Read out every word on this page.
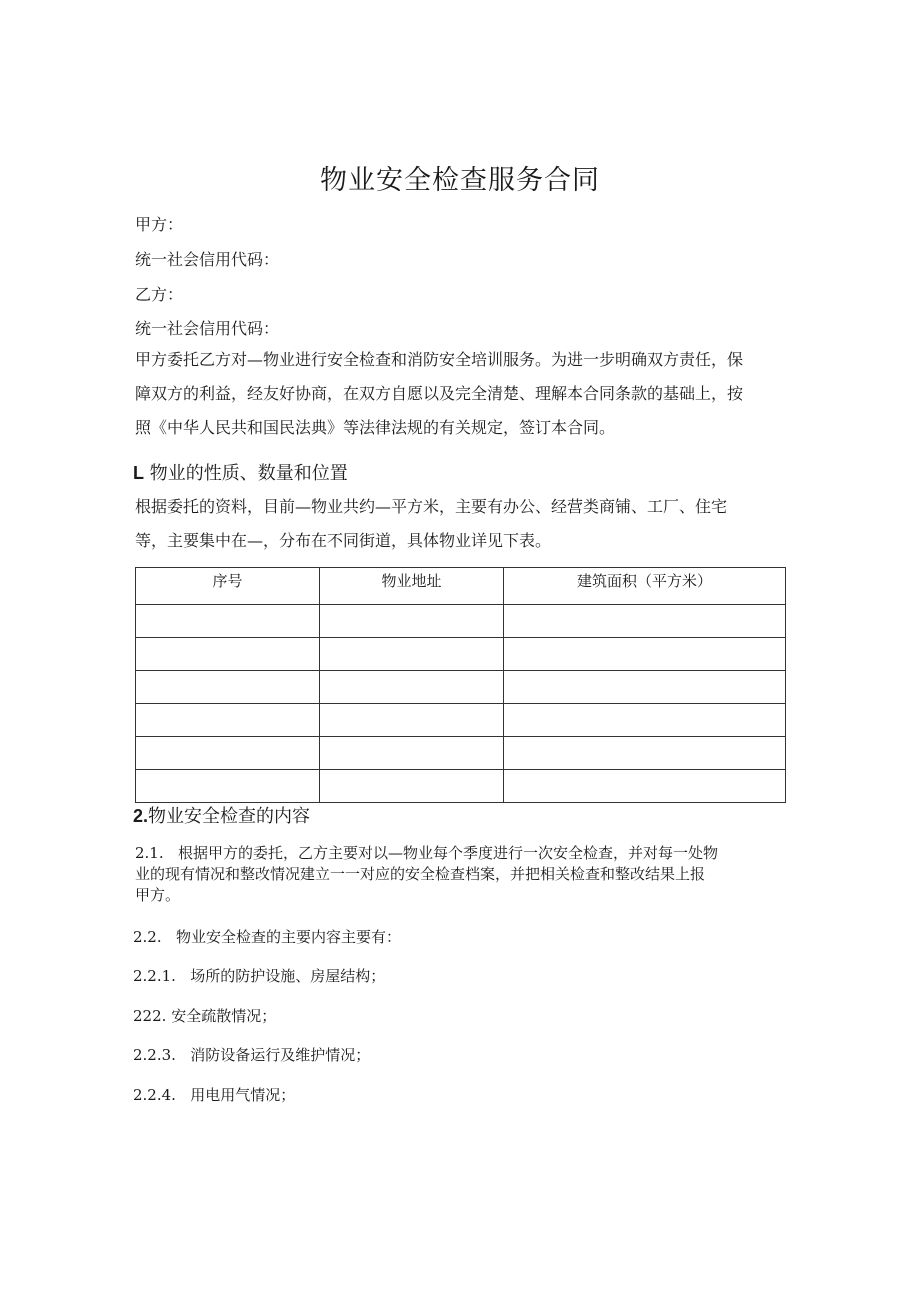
物业安全检查服务合同
甲方：
统一社会信用代码：
乙方：
统一社会信用代码：
甲方委托乙方对—物业进行安全检查和消防安全培训服务。为进一步明确双方责任，保
障双方的利益，经友好协商，在双方自愿以及完全清楚、理解本合同条款的基础上，按
照《中华人民共和国民法典》等法律法规的有关规定，签订本合同。
L 物业的性质、数量和位置
根据委托的资料，目前—物业共约—平方米，主要有办公、经营类商铺、工厂、住宅
等，主要集中在—，分布在不同街道，具体物业详见下表。
序号	物业地址	建筑面积（平方米）

2.物业安全检查的内容
2.1. 根据甲方的委托，乙方主要对以—物业每个季度进行一次安全检查，并对每一处物
业的现有情况和整改情况建立一一对应的安全检查档案，并把相关检查和整改结果上报
甲方。
2.2. 物业安全检查的主要内容主要有：
2.2.1. 场所的防护设施、房屋结构；
222. 安全疏散情况；
2.2.3. 消防设备运行及维护情况；
2.2.4. 用电用气情况；
